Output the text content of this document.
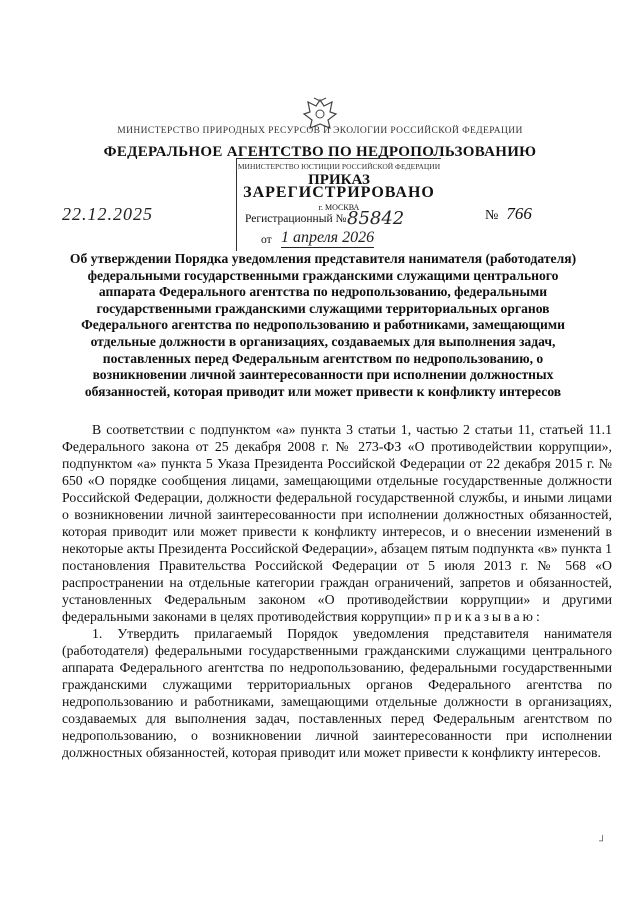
МИНИСТЕРСТВО ПРИРОДНЫХ РЕСУРСОВ И ЭКОЛОГИИ РОССИЙСКОЙ ФЕДЕРАЦИИ
ФЕДЕРАЛЬНОЕ АГЕНТСТВО ПО НЕДРОПОЛЬЗОВАНИЮ
МИНИСТЕРСТВО ЮСТИЦИИ РОССИЙСКОЙ ФЕДЕРАЦИИ
ПРИКАЗ
ЗАРЕГИСТРИРОВАНО
г. МОСКВА
Регистрационный № 85842
от 1 апреля 2026
22.12.2025	№ 766
Об утверждении Порядка уведомления представителя нанимателя (работодателя) федеральными государственными гражданскими служащими центрального аппарата Федерального агентства по недропользованию, федеральными государственными гражданскими служащими территориальных органов Федерального агентства по недропользованию и работниками, замещающими отдельные должности в организациях, создаваемых для выполнения задач, поставленных перед Федеральным агентством по недропользованию, о возникновении личной заинтересованности при исполнении должностных обязанностей, которая приводит или может привести к конфликту интересов

В соответствии с подпунктом «а» пункта 3 статьи 1, частью 2 статьи 11, статьей 11.1 Федерального закона от 25 декабря 2008 г. № 273-ФЗ «О противодействии коррупции», подпунктом «а» пункта 5 Указа Президента Российской Федерации от 22 декабря 2015 г. № 650 «О порядке сообщения лицами, замещающими отдельные государственные должности Российской Федерации, должности федеральной государственной службы, и иными лицами о возникновении личной заинтересованности при исполнении должностных обязанностей, которая приводит или может привести к конфликту интересов, и о внесении изменений в некоторые акты Президента Российской Федерации», абзацем пятым подпункта «в» пункта 1 постановления Правительства Российской Федерации от 5 июля 2013 г. № 568 «О распространении на отдельные категории граждан ограничений, запретов и обязанностей, установленных Федеральным законом «О противодействии коррупции» и другими федеральными законами в целях противодействия коррупции» приказываю:

1. Утвердить прилагаемый Порядок уведомления представителя нанимателя (работодателя) федеральными государственными гражданскими служащими центрального аппарата Федерального агентства по недропользованию, федеральными государственными гражданскими служащими территориальных органов Федерального агентства по недропользованию и работниками, замещающими отдельные должности в организациях, создаваемых для выполнения задач, поставленных перед Федеральным агентством по недропользованию, о возникновении личной заинтересованности при исполнении должностных обязанностей, которая приводит или может привести к конфликту интересов.

┘
